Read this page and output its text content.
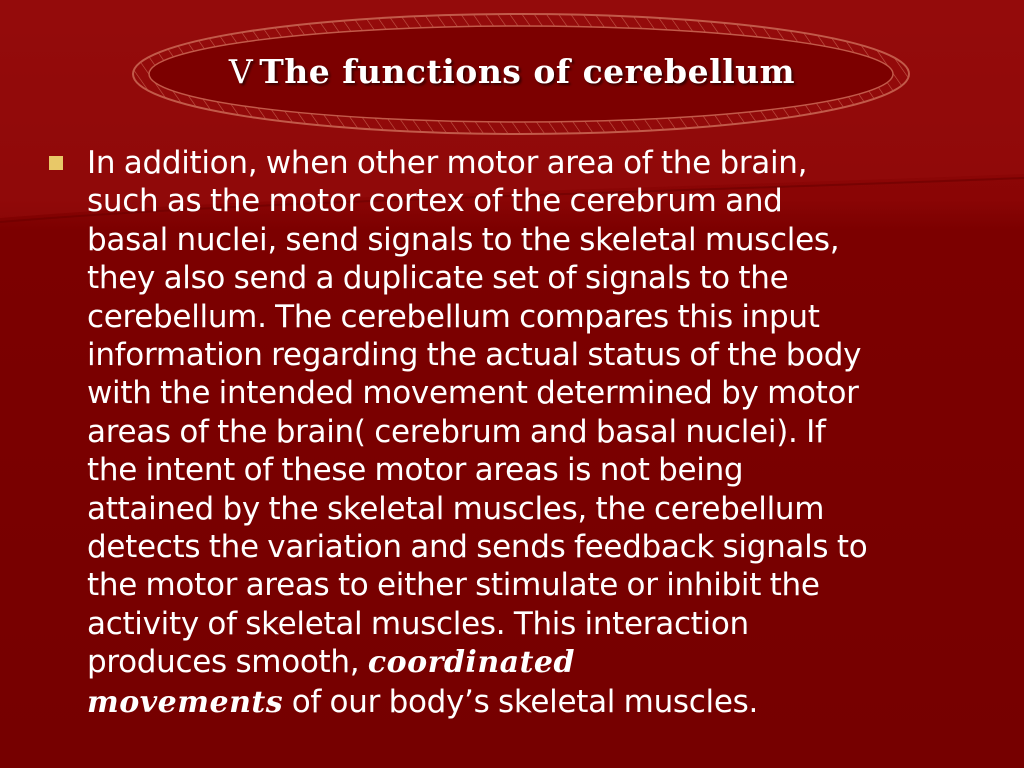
Ⅴ The functions of cerebellum

In addition, when other motor area of the brain,

such as the motor cortex of the cerebrum and

basal nuclei, send signals to the skeletal muscles,

they also send a duplicate set of signals to the

cerebellum. The cerebellum compares this input

information regarding the actual status of the body

with the intended movement determined by motor

areas of the brain( cerebrum and basal nuclei). If

the intent of these motor areas is not being

attained by the skeletal muscles, the cerebellum

detects the variation and sends feedback signals to

the motor areas to either stimulate or inhibit the

activity of skeletal muscles. This interaction

produces smooth, coordinated

movements of our body’s skeletal muscles.
